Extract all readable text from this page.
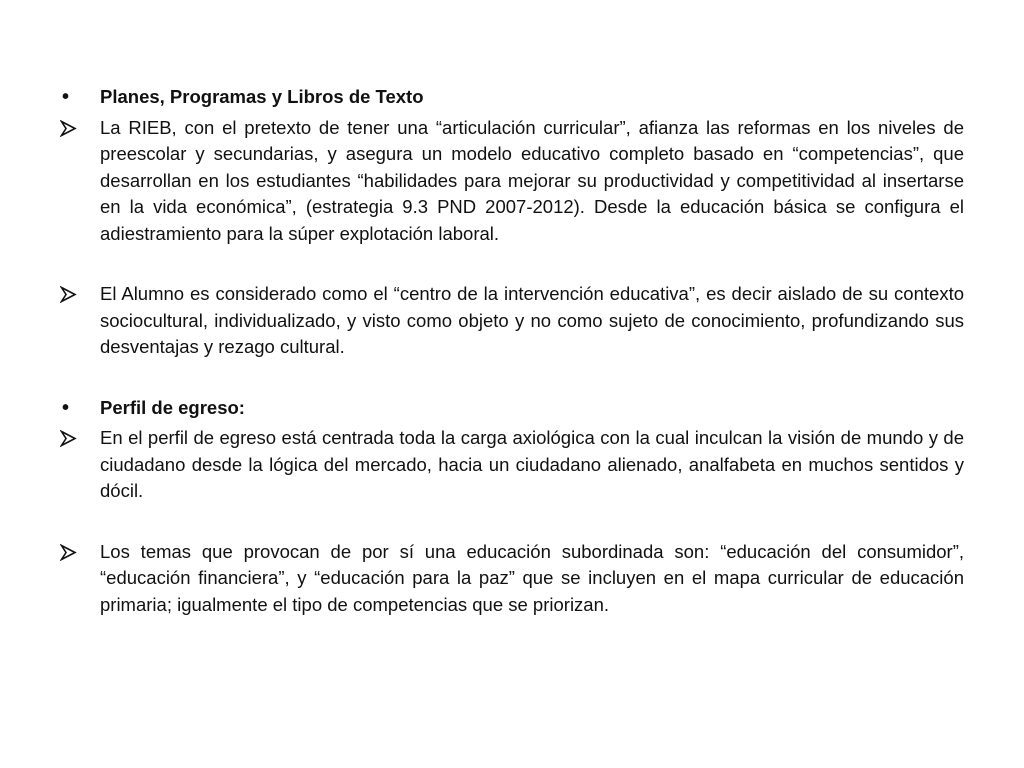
•	Planes, Programas y Libros de Texto
La RIEB, con el pretexto de tener una “articulación curricular”, afianza las reformas en los niveles de preescolar y secundarias, y asegura un modelo educativo completo basado en “competencias”, que desarrollan en los estudiantes “habilidades para mejorar su productividad y competitividad al insertarse en la vida económica”, (estrategia 9.3 PND 2007-2012). Desde la educación básica se configura el adiestramiento para la súper explotación laboral.
El Alumno es considerado como el “centro de la intervención educativa”, es decir aislado de su contexto sociocultural, individualizado, y visto como objeto y no como sujeto de conocimiento, profundizando sus desventajas y rezago cultural.
•	Perfil de egreso:
En el perfil de egreso está centrada toda la carga axiológica con la cual inculcan la visión de mundo y de ciudadano desde la lógica del mercado, hacia un ciudadano alienado, analfabeta en muchos sentidos y dócil.
Los temas que provocan de por sí una educación subordinada son: “educación del consumidor”, “educación financiera”, y “educación para la paz” que se incluyen en el mapa curricular de educación primaria; igualmente el tipo de competencias que se priorizan.
